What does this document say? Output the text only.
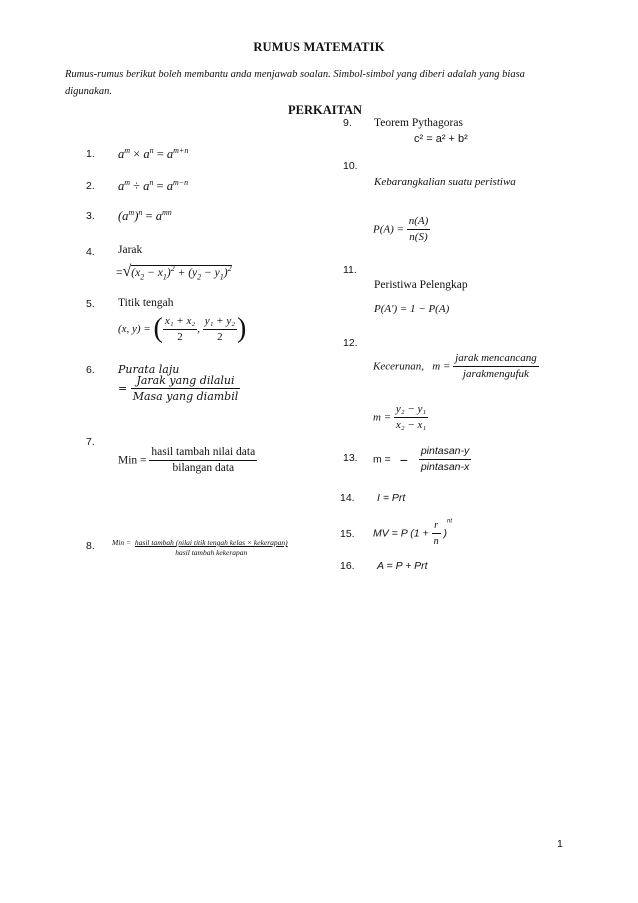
RUMUS MATEMATIK
Rumus-rumus berikut boleh membantu anda menjawab soalan. Simbol-simbol yang diberi adalah yang biasa digunakan.
PERKAITAN
1.
2.
3.
4.
5.
6.
7.
8.
9.
10.
11.
12.
13.
14.
15.
16.
$a^m \times a^n = a^{m+n}$
$a^m \div a^n = a^{m-n}$
$(a^m)^n = a^{mn}$
Jarak
$=√(x_2 - x_1)^2 + (y_2 - y_1)^2$
Titik tengah
(x, y) = ( $\frac{\text{x₁ + x₂}}{2}$ , $\frac{\text{y₁ + y₂}}{2}$ )
Purata laju
= $\frac{\text{Jarak yang dilalui}}{\text{Masa yang diambil}}$
Min = $\frac{\text{hasil tambah nilai data}}{\text{bilangan data}}$
Min = $\frac{\text{hasil tambah (nilai titik tengah kelas × kekerapan)}}{\text{hasil tambah kekerapan}}$
Teorem Pythagoras
c² = a² + b²
Kebarangkalian suatu peristiwa
$P(A) = \frac{n(A)}{n(S)}$
Peristiwa Pelengkap
P(A') = 1 − P(A)
Kecerunan, $m = \frac{\text{jarak mencancang}}{\text{jarakmengufuk}}$
$m = \frac{\text{y₂ − y₁}}{\text{x₂ − x₁}}$
m = − $\frac{\text{pintasan-y}}{\text{pintasan-x}}$
I = Prt
MV = P $(1 + \frac{r}{n} )^{nt}$
A = P + Prt
1
